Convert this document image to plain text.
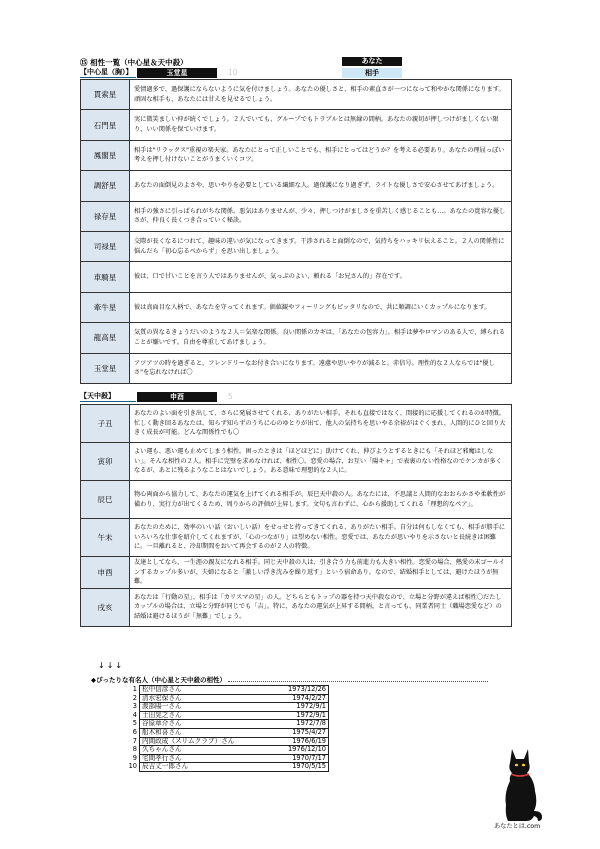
⑮ 相性一覧（中心星＆天中殺）	あなた
【中心星（胸）】	玉堂星	10	相手
貫索星	愛情過多で、過保護にならないように気を付けましょう。あなたの優しさと、相手の素直さが一つになって和やかな関係になります。頑固な相手も、あなたには甘えを見せるでしょう。
石門星	実に微笑ましい仲が続くでしょう。２人でいても、グループでもトラブルとは無縁の間柄。あなたの親切が押しつけがましくない限り、いい関係を保ていけます。
鳳閣星	相手は"リラックス"重視の楽天家。あなたにとって正しいことでも、相手にとってはどうか？を考える必要あり。あなたの理屈っぽい考えを押し付けないことがうまくいくコツ。
調舒星	あなたの面倒見のよさや、思いやりを必要としている繊細な人。過保護になり過ぎず、ライトな優しさで安心させてあげましょう。
禄存星	相手の強さに引っぱられがちな関係。悪気はありませんが、少々、押しつけがましさを重苦しく感じることも…。あなたの寛容な優しさが、仲良く長くつき合っていく秘訣。
司禄星	交際が長くなるにつれて、趣味の違いが気になってきます。干渉されると面倒なので、気持ちをハッキリ伝えること。２人の関係性に悩んだら「初心忘るべからず」を思い出しましょう。
車騎星	彼は、口で甘いことを言う人ではありませんが、気っぷのよい、頼れる「お兄さん的」存在です。
牽牛星	彼は真面目な人柄で、あなたを守ってくれます。価値観やフィーリングもピッタリなので、共に順調にいくカップルになります。
龍高星	気質の異なるきょうだいのような２人＝気楽な関係。良い関係のカギは、「あなたの包容力」。相手は夢やロマンのある人で、縛られることが嫌いです。自由を尊重してあげましょう。
玉堂星	アツアツの時を過ぎると、フレンドリーなお付き合いになります。遠慮や思いやりが減ると、赤信号。理性的な２人ならでは"優しさ"を忘れなければ〇
【天中殺】	申酉	5
子丑	あなたのよい面を引き出して、さらに発展させてくれる、ありがたい相手。それも直接ではなく、間接的に応援してくれるのが特徴。忙しく動き回るあなたは、知らず知らずのうちに心のゆとりが出て、他人の気持ちを思いやる余裕がはぐくまれ、人間的にひと回り大きく成長が可能。どんな関係性でも〇
寅卯	よい運も、悪い運も止めてしまう相性。困ったときは「ほどほどに」助けてくれ、伸びようとするときにも「それほど邪魔はしない」。そんな相性の２人。相手に完璧を求めなければ、相性〇。恋愛の場合、お互い「陽キャ」で表裏のない性格なのでケンカが多くなるが、あとに残るようなことはないでしょう。ある意味で理想的な２人に。
辰巳	物心両面から協力して、あなたの運気を上げてくれる相手が、辰巳天中殺の人。あなたには、不思議と人間的なおおらかさや柔軟性が備わり、実行力が出てくるため、周りからの評価が上昇します。文句も言わずに、心から援助してくれる「理想的なペア」。
午未	あなたのために、効率のいい話（おいしい話）をせっせと持ってきてくれる、ありがたい相手。自分は何もしなくても、相手が勝手にいろいろな仕事を紹介してくれますが、「心のつながり」は望めない相性。恋愛では、あなたが思いやりを示さないと長続きは困難に。一旦離れると、冷却期間をおいて再会するのが２人の特徴。
申酉	友達としてなら、一生涯の親友になれる相手。同じ天中殺の人は、引き合う力も前進力も大きい相性。恋愛の場合、熱愛の末ゴールインするカップル多いが、夫婦になると「激しい浮き沈みを繰り返す」という宿命あり。なので、結婚相手としては、避けたほうが無難。
戌亥	あなたは「行動の星」、相手は「カリスマの星」の人。どちらともトップの器を持つ天中殺なので、立場と分野が違えば相性〇だたしカップルの場合は、立場と分野が同じでも「吉」。特に、あなたの運気が上昇する間柄。と言っても、同業者同士（職場恋愛など）の結婚は避けるほうが「無難」でしょう。
↓↓↓
◆ぴったりな有名人（中心星と天中殺の相性）
1	松中信彦さん	1973/12/26
2	清水宏保さん	1974/2/27
3	渡部陽一さん	1972/9/1
4	土田晃之さん	1972/9/1
5	谷原章介さん	1972/7/8
6	船木和喜さん	1975/4/27
7	内間政成（スリムクラブ）さん	1976/6/19
8	久ちゃんさん	1976/12/10
9	宅間孝行さん	1970/7/17
10	辰吉丈一郎さん	1970/5/15
あなたとは.com
